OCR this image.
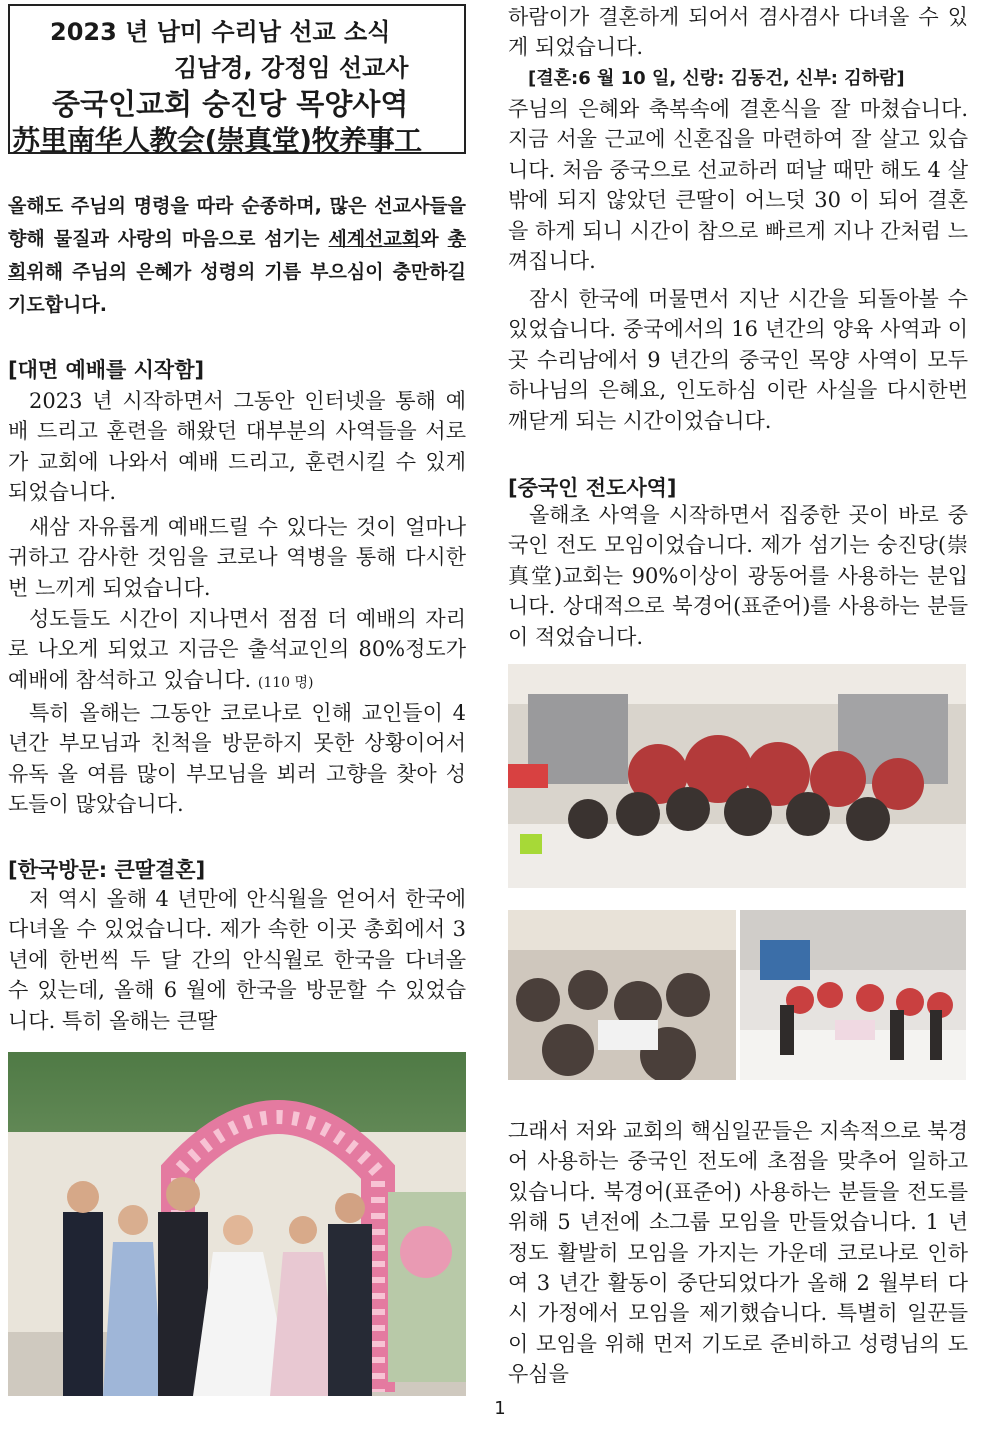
2023 년 남미 수리남 선교 소식
김남경, 강정임 선교사
중국인교회 숭진당 목양사역
苏里南华人教会(崇真堂)牧养事工

올해도 주님의 명령을 따라 순종하며, 많은 선교사들을 향해 물질과 사랑의 마음으로 섬기는 세계선교회와 총회위해 주님의 은혜가 성령의 기름 부으심이 충만하길 기도합니다.

[대면 예배를 시작함]

2023 년 시작하면서 그동안 인터넷을 통해 예배 드리고 훈련을 해왔던 대부분의 사역들을 서로가 교회에 나와서 예배 드리고, 훈련시킬 수 있게 되었습니다.

새삼 자유롭게 예배드릴 수 있다는 것이 얼마나 귀하고 감사한 것임을 코로나 역병을 통해 다시한번 느끼게 되었습니다.

성도들도 시간이 지나면서 점점 더 예배의 자리로 나오게 되었고 지금은 출석교인의 80%정도가 예배에 참석하고 있습니다. (110 명)

특히 올해는 그동안 코로나로 인해 교인들이 4 년간 부모님과 친척을 방문하지 못한 상황이어서 유독 올 여름 많이 부모님을 뵈러 고향을 찾아 성도들이 많았습니다.

[한국방문: 큰딸결혼]

저 역시 올해 4 년만에 안식월을 얻어서 한국에 다녀올 수 있었습니다. 제가 속한 이곳 총회에서 3 년에 한번씩 두 달 간의 안식월로 한국을 다녀올 수 있는데, 올해 6 월에 한국을 방문할 수 있었습니다. 특히 올해는 큰딸

하람이가 결혼하게 되어서 겸사겸사 다녀올 수 있게 되었습니다.

[결혼:6 월 10 일, 신랑: 김동건, 신부: 김하람]

주님의 은혜와 축복속에 결혼식을 잘 마쳤습니다. 지금 서울 근교에 신혼집을 마련하여 잘 살고 있습니다. 처음 중국으로 선교하러 떠날 때만 해도 4 살 밖에 되지 않았던 큰딸이 어느덧 30 이 되어 결혼을 하게 되니 시간이 참으로 빠르게 지나 간처럼 느껴집니다.

잠시 한국에 머물면서 지난 시간을 되돌아볼 수 있었습니다. 중국에서의 16 년간의 양육 사역과 이곳 수리남에서 9 년간의 중국인 목양 사역이 모두 하나님의 은혜요, 인도하심 이란 사실을 다시한번 깨닫게 되는 시간이었습니다.

[중국인 전도사역]

올해초 사역을 시작하면서 집중한 곳이 바로 중국인 전도 모임이었습니다. 제가 섬기는 숭진당(崇真堂)교회는 90%이상이 광동어를 사용하는 분입니다. 상대적으로 북경어(표준어)를 사용하는 분들이 적었습니다.

그래서 저와 교회의 핵심일꾼들은 지속적으로 북경어 사용하는 중국인 전도에 초점을 맞추어 일하고 있습니다. 북경어(표준어) 사용하는 분들을 전도를 위해 5 년전에 소그룹 모임을 만들었습니다. 1 년정도 활발히 모임을 가지는 가운데 코로나로 인하여 3 년간 활동이 중단되었다가 올해 2 월부터 다시 가정에서 모임을 제기했습니다. 특별히 일꾼들이 모임을 위해 먼저 기도로 준비하고 성령님의 도우심을

1
